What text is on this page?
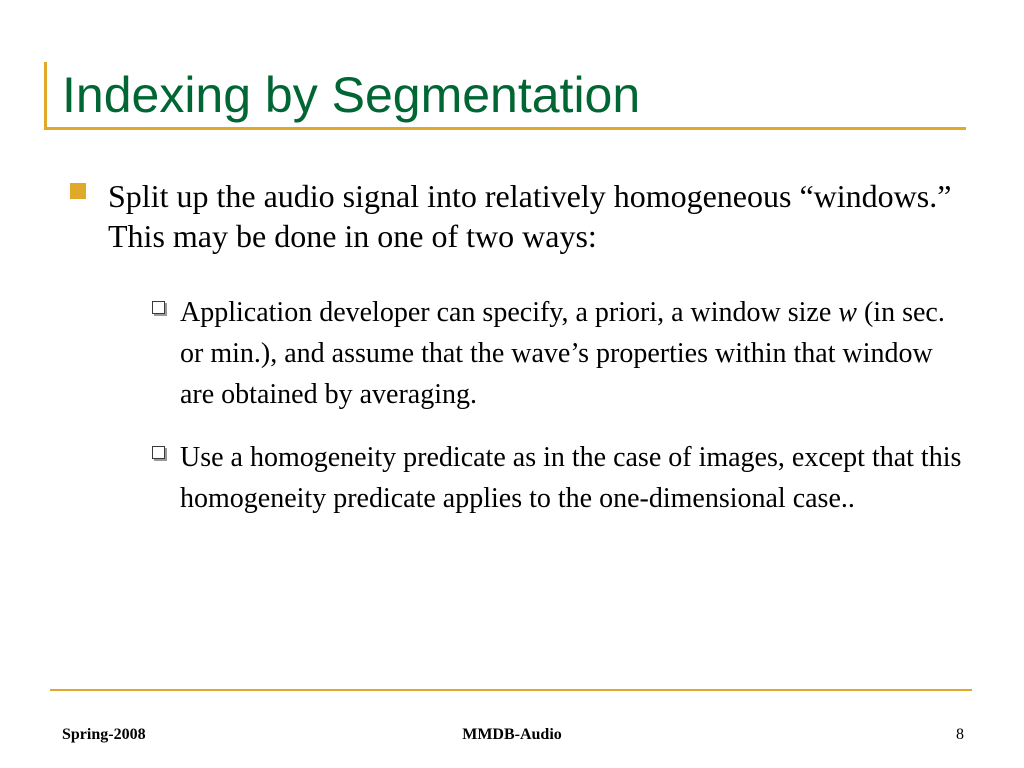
Indexing by Segmentation

Split up the audio signal into relatively homogeneous “windows.” This may be done in one of two ways:

Application developer can specify, a priori, a window size w (in sec. or min.), and assume that the wave’s properties within that window are obtained by averaging.

Use a homogeneity predicate as in the case of images, except that this homogeneity predicate applies to the one-dimensional case..

Spring-2008	MMDB-Audio	8
